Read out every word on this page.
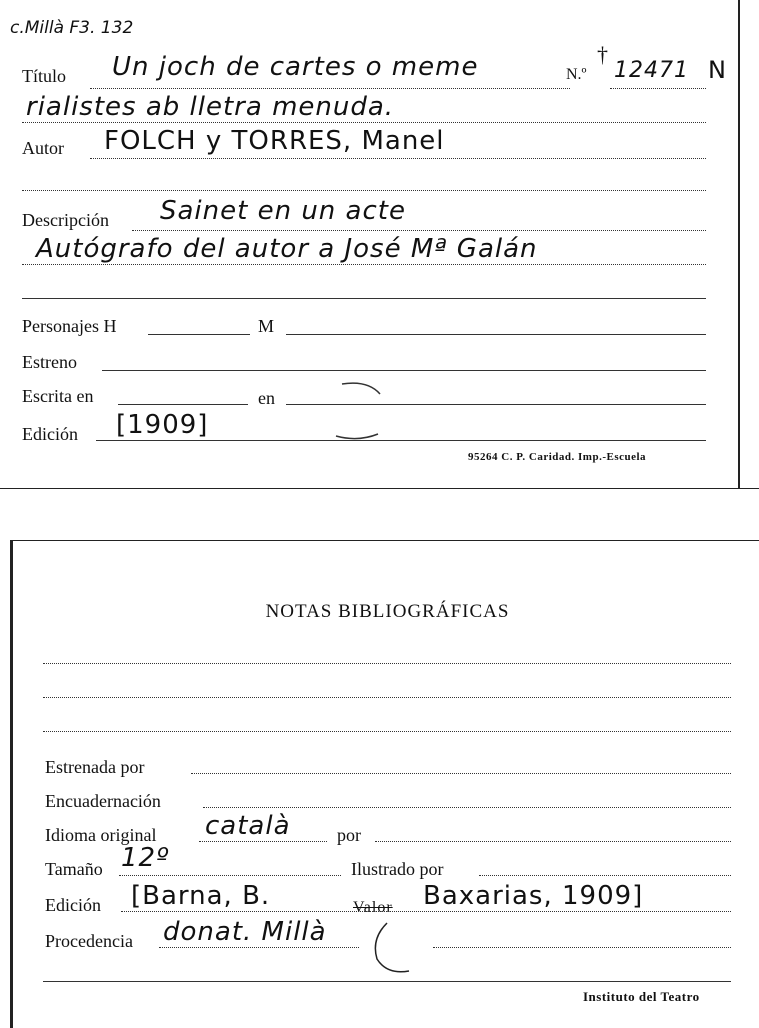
c.Millà F3. 132
Título Un joch de cartes o meme	N.º
†
12471 N
rialistes ab lletra menuda.
Autor FOLCH y TORRES, Manel
Descripción Sainet en un acte
Autógrafo del autor a José Mª Galán
Personajes H	M
Estreno
Escrita en	en
Edición [1909]
95264 C. P. Caridad. Imp.-Escuela
NOTAS BIBLIOGRÁFICAS
Estrenada por
Encuadernación
Idioma original català	por
Tamaño 12º	Ilustrado por
Edición [Barna, B.	Valor Baxarias, 1909]
Procedencia donat. Millà
Instituto del Teatro
